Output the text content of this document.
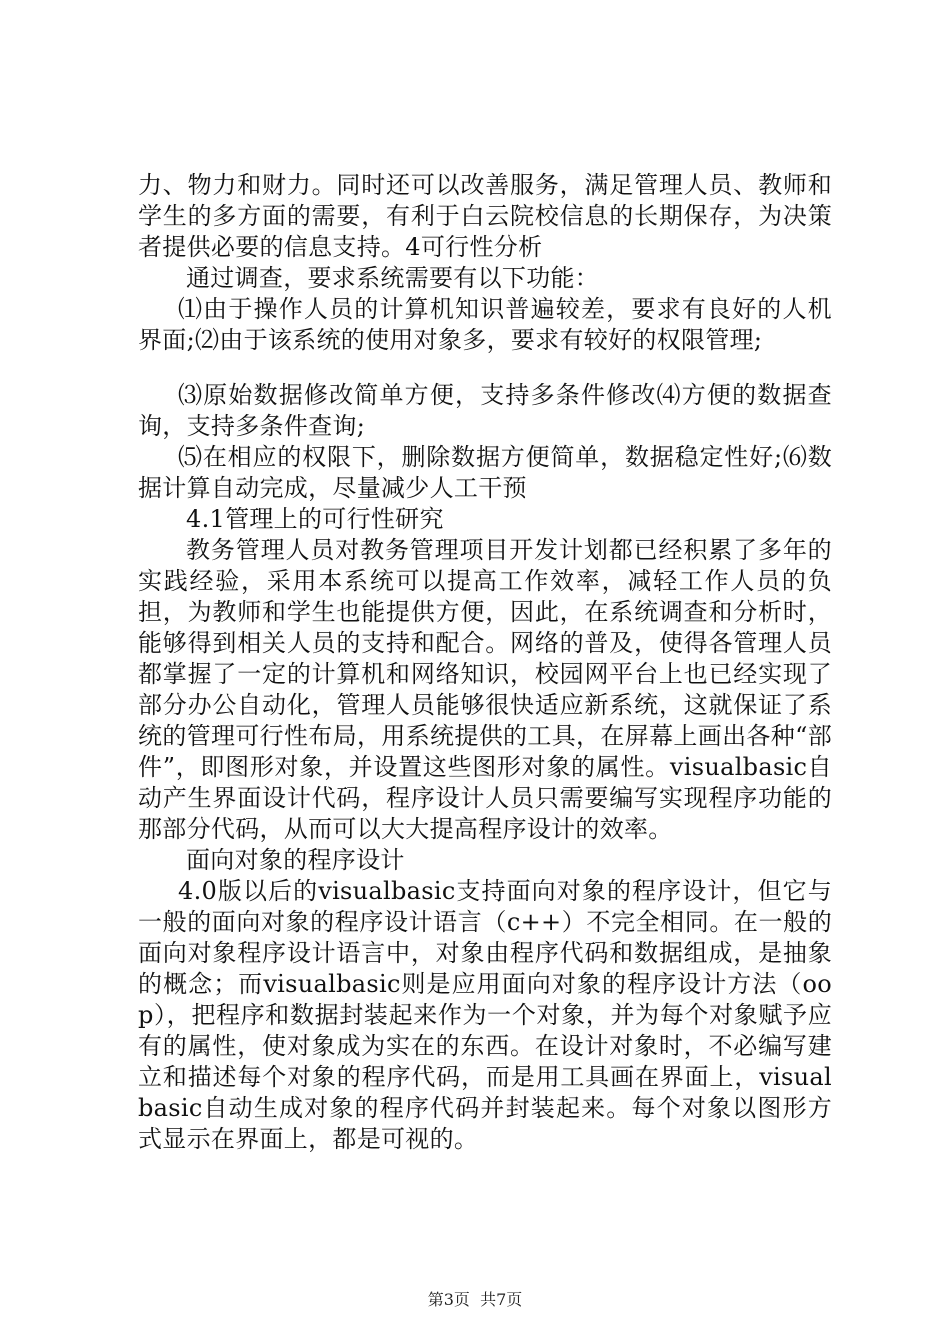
力、物力和财力。同时还可以改善服务，满足管理人员、教师和学生的多方面的需要，有利于白云院校信息的长期保存，为决策者提供必要的信息支持。4可行性分析

通过调查，要求系统需要有以下功能：

⑴由于操作人员的计算机知识普遍较差，要求有良好的人机界面;⑵由于该系统的使用对象多，要求有较好的权限管理;

⑶原始数据修改简单方便，支持多条件修改⑷方便的数据查询，支持多条件查询;

⑸在相应的权限下，删除数据方便简单，数据稳定性好;⑹数据计算自动完成，尽量减少人工干预

4.1管理上的可行性研究

教务管理人员对教务管理项目开发计划都已经积累了多年的实践经验，采用本系统可以提高工作效率，减轻工作人员的负担，为教师和学生也能提供方便，因此，在系统调查和分析时，能够得到相关人员的支持和配合。网络的普及，使得各管理人员都掌握了一定的计算机和网络知识，校园网平台上也已经实现了部分办公自动化，管理人员能够很快适应新系统，这就保证了系统的管理可行性布局，用系统提供的工具，在屏幕上画出各种“部件”，即图形对象，并设置这些图形对象的属性。visualbasic自动产生界面设计代码，程序设计人员只需要编写实现程序功能的那部分代码，从而可以大大提高程序设计的效率。

面向对象的程序设计

4.0版以后的visualbasic支持面向对象的程序设计，但它与一般的面向对象的程序设计语言（c++）不完全相同。在一般的面向对象程序设计语言中，对象由程序代码和数据组成，是抽象的概念；而visualbasic则是应用面向对象的程序设计方法（oop），把程序和数据封装起来作为一个对象，并为每个对象赋予应有的属性，使对象成为实在的东西。在设计对象时，不必编写建立和描述每个对象的程序代码，而是用工具画在界面上，visualbasic自动生成对象的程序代码并封装起来。每个对象以图形方式显示在界面上，都是可视的。

第3页  共7页
